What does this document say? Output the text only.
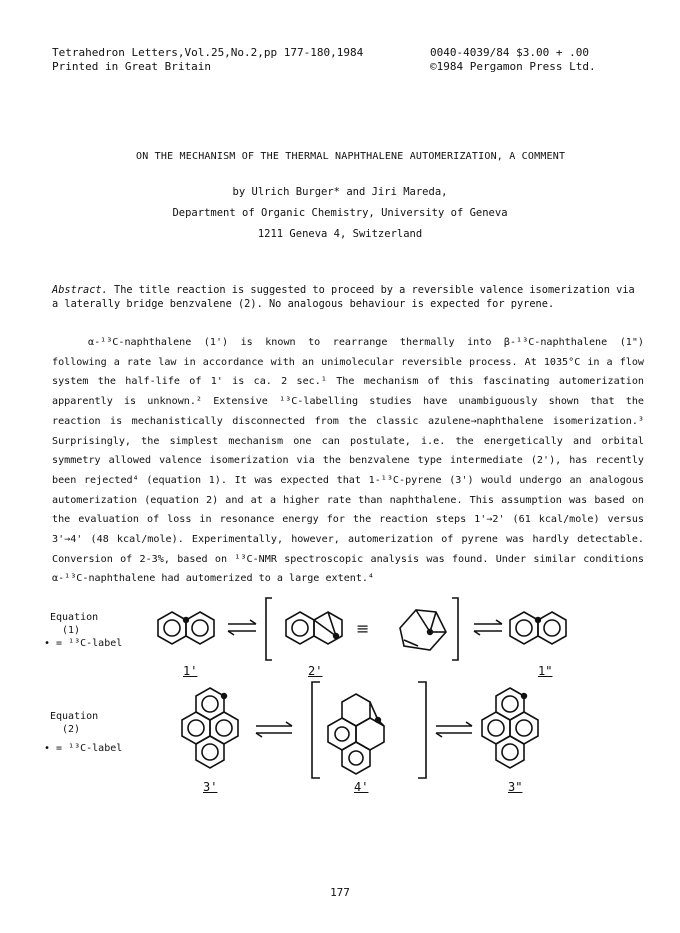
Tetrahedron Letters,Vol.25,No.2,pp 177-180,1984
Printed in Great Britain
0040-4039/84 $3.00 + .00
©1984 Pergamon Press Ltd.
ON THE MECHANISM OF THE THERMAL NAPHTHALENE AUTOMERIZATION, A COMMENT
by Ulrich Burger* and Jiri Mareda,
Department of Organic Chemistry, University of Geneva
1211 Geneva 4, Switzerland
Abstract. The title reaction is suggested to proceed by a reversible valence isomerization via a laterally bridge benzvalene (2). No analogous behaviour is expected for pyrene.

α-¹³C-naphthalene (1') is known to rearrange thermally into β-¹³C-naphthalene (1") following a rate law in accordance with an unimolecular reversible process. At 1035°C in a flow system the half-life of 1' is ca. 2 sec.¹ The mechanism of this fascinating automerization apparently is unknown.² Extensive ¹³C-labelling studies have unambiguously shown that the reaction is mechanistically disconnected from the classic azulene→naphthalene isomerization.³ Surprisingly, the simplest mechanism one can postulate, i.e. the energetically and orbital symmetry allowed valence isomerization via the benzvalene type intermediate (2'), has recently been rejected⁴ (equation 1). It was expected that 1-¹³C-pyrene (3') would undergo an analogous automerization (equation 2) and at a higher rate than naphthalene. This assumption was based on the evaluation of loss in resonance energy for the reaction steps 1'→2' (61 kcal/mole) versus 3'→4' (48 kcal/mole). Experimentally, however, automerization of pyrene was hardly detectable. Conversion of 2-3%, based on ¹³C-NMR spectroscopic analysis was found. Under similar conditions α-¹³C-naphthalene had automerized to a large extent.⁴

Equation
(1)
• = ¹³C-label
≡
1'	2'	1"
Equation
(2)
• = ¹³C-label
3'	4'	3"
177
